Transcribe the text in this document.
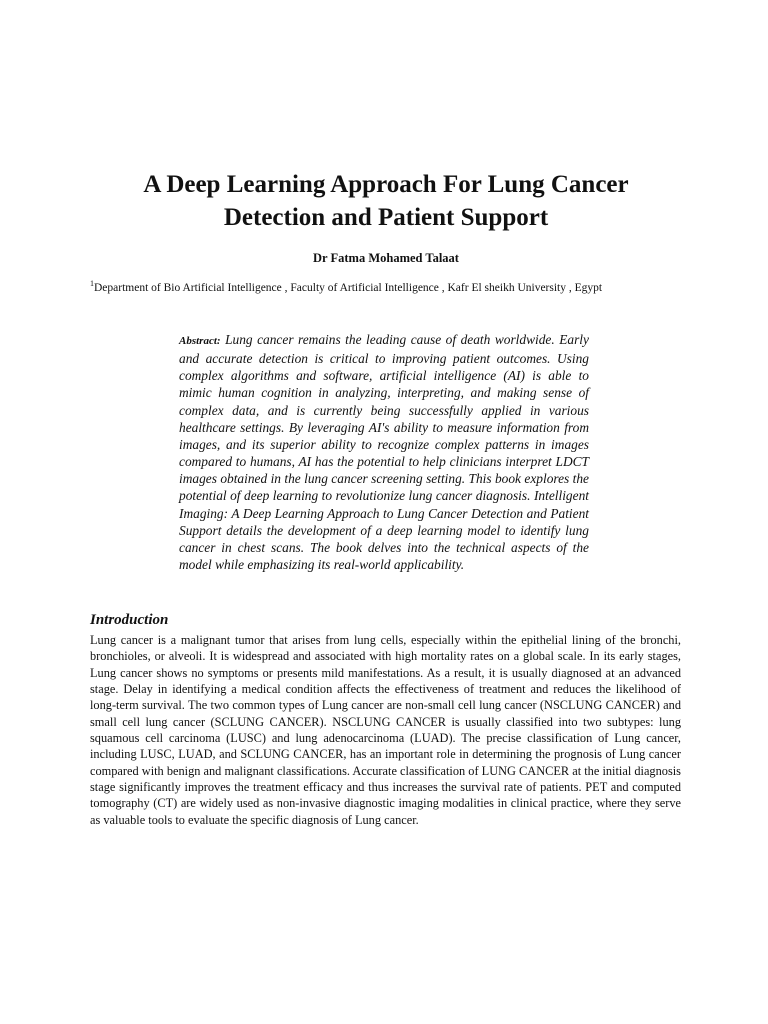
A Deep Learning Approach For Lung Cancer Detection and Patient Support
Dr Fatma Mohamed Talaat
$^1$Department of Bio Artificial Intelligence , Faculty of Artificial Intelligence , Kafr El sheikh University , Egypt

Abstract: Lung cancer remains the leading cause of death worldwide. Early and accurate detection is critical to improving patient outcomes. Using complex algorithms and software, artificial intelligence (AI) is able to mimic human cognition in analyzing, interpreting, and making sense of complex data, and is currently being successfully applied in various healthcare settings. By leveraging AI's ability to measure information from images, and its superior ability to recognize complex patterns in images compared to humans, AI has the potential to help clinicians interpret LDCT images obtained in the lung cancer screening setting. This book explores the potential of deep learning to revolutionize lung cancer diagnosis. Intelligent Imaging: A Deep Learning Approach to Lung Cancer Detection and Patient Support details the development of a deep learning model to identify lung cancer in chest scans. The book delves into the technical aspects of the model while emphasizing its real-world applicability.

Introduction

Lung cancer is a malignant tumor that arises from lung cells, especially within the epithelial lining of the bronchi, bronchioles, or alveoli. It is widespread and associated with high mortality rates on a global scale. In its early stages, Lung cancer shows no symptoms or presents mild manifestations. As a result, it is usually diagnosed at an advanced stage. Delay in identifying a medical condition affects the effectiveness of treatment and reduces the likelihood of long-term survival. The two common types of Lung cancer are non-small cell lung cancer (NSCLUNG CANCER) and small cell lung cancer (SCLUNG CANCER). NSCLUNG CANCER is usually classified into two subtypes: lung squamous cell carcinoma (LUSC) and lung adenocarcinoma (LUAD). The precise classification of Lung cancer, including LUSC, LUAD, and SCLUNG CANCER, has an important role in determining the prognosis of Lung cancer compared with benign and malignant classifications. Accurate classification of LUNG CANCER at the initial diagnosis stage significantly improves the treatment efficacy and thus increases the survival rate of patients. PET and computed tomography (CT) are widely used as non-invasive diagnostic imaging modalities in clinical practice, where they serve as valuable tools to evaluate the specific diagnosis of Lung cancer.
